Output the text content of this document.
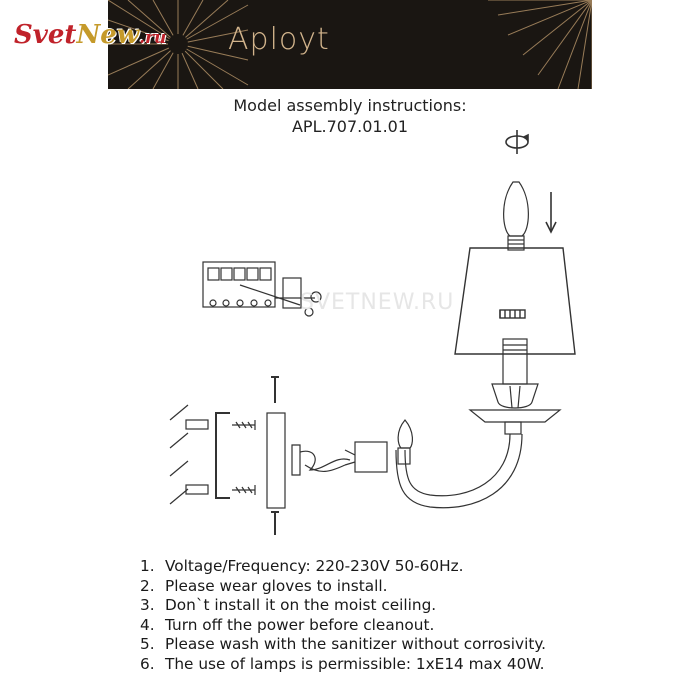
Aployt
SvetNew.ru
Model assembly instructions:
APL.707.01.01
SVETNEW.RU
1. Voltage/Frequency: 220-230V 50-60Hz.
2. Please wear gloves to install.
3. Don`t install it on the moist ceiling.
4. Turn off the power before cleanout.
5. Please wash with the sanitizer without corrosivity.
6. The use of lamps is permissible: 1xE14 max 40W.
